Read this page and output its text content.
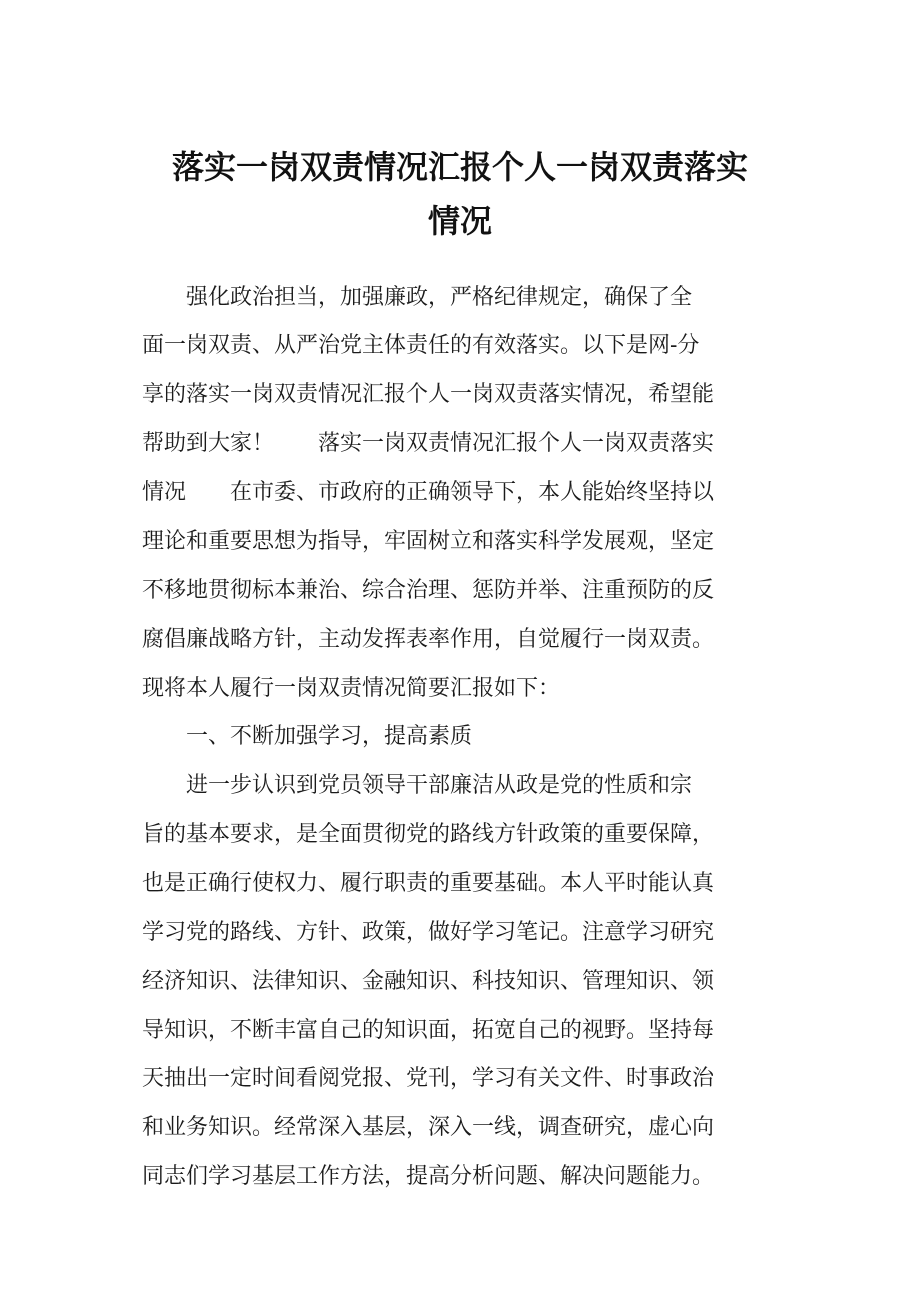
落实一岗双责情况汇报个人一岗双责落实
情况
　　强化政治担当，加强廉政，严格纪律规定，确保了全
面一岗双责、从严治党主体责任的有效落实。以下是网-分
享的落实一岗双责情况汇报个人一岗双责落实情况，希望能
帮助到大家！　　落实一岗双责情况汇报个人一岗双责落实
情况　　在市委、市政府的正确领导下，本人能始终坚持以
理论和重要思想为指导，牢固树立和落实科学发展观，坚定
不移地贯彻标本兼治、综合治理、惩防并举、注重预防的反
腐倡廉战略方针，主动发挥表率作用，自觉履行一岗双责。
现将本人履行一岗双责情况简要汇报如下：
　　一、不断加强学习，提高素质
　　进一步认识到党员领导干部廉洁从政是党的性质和宗
旨的基本要求，是全面贯彻党的路线方针政策的重要保障，
也是正确行使权力、履行职责的重要基础。本人平时能认真
学习党的路线、方针、政策，做好学习笔记。注意学习研究
经济知识、法律知识、金融知识、科技知识、管理知识、领
导知识，不断丰富自己的知识面，拓宽自己的视野。坚持每
天抽出一定时间看阅党报、党刊，学习有关文件、时事政治
和业务知识。经常深入基层，深入一线，调查研究，虚心向
同志们学习基层工作方法，提高分析问题、解决问题能力。
